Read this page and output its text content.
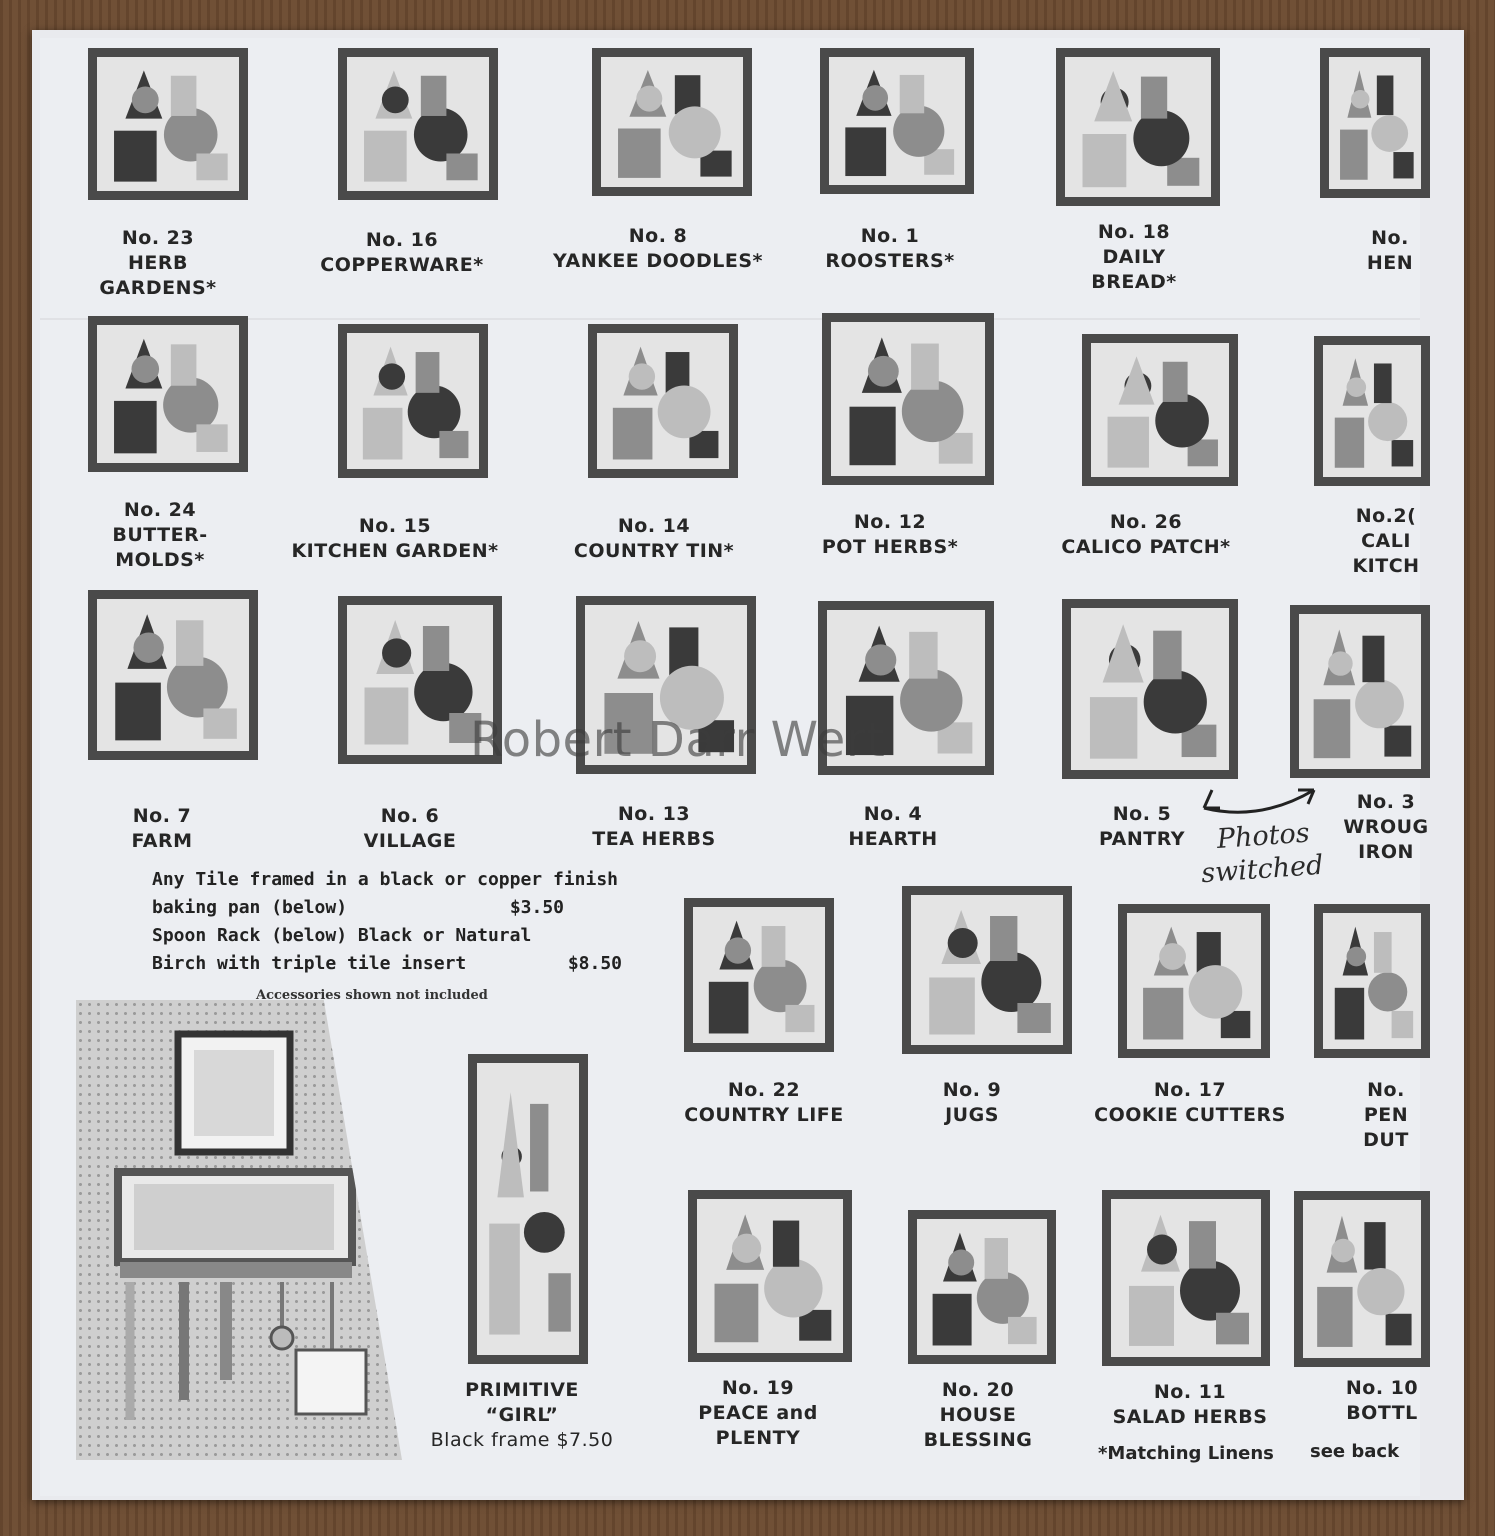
No. 23
HERB
GARDENS*
No. 16
COPPERWARE*
No. 8
YANKEE DOODLES*
No. 1
ROOSTERS*
No. 18
DAILY
BREAD*
No.
HEN
No. 24
BUTTER-
MOLDS*
No. 15
KITCHEN GARDEN*
No. 14
COUNTRY TIN*
No. 12
POT HERBS*
No. 26
CALICO PATCH*
No.2(
CALI
KITCH
No. 7
FARM
No. 6
VILLAGE
No. 13
TEA HERBS
No. 4
HEARTH
No. 5
PANTRY
No. 3
WROUG
IRON
No. 22
COUNTRY LIFE
No. 9
JUGS
No. 17
COOKIE CUTTERS
No.
PEN
DUT
PRIMITIVE
“GIRL”
Black frame $7.50
No. 19
PEACE and
PLENTY
No. 20
HOUSE
BLESSING
No. 11
SALAD HERBS
No. 10
BOTTL
Any Tile framed in a black or copper finish
baking pan (below)	$3.50
Spoon Rack (below) Black or Natural
Birch with triple tile insert	$8.50
Accessories shown not included
*Matching Linens see back
Photos
switched
Robert Darr Wert
